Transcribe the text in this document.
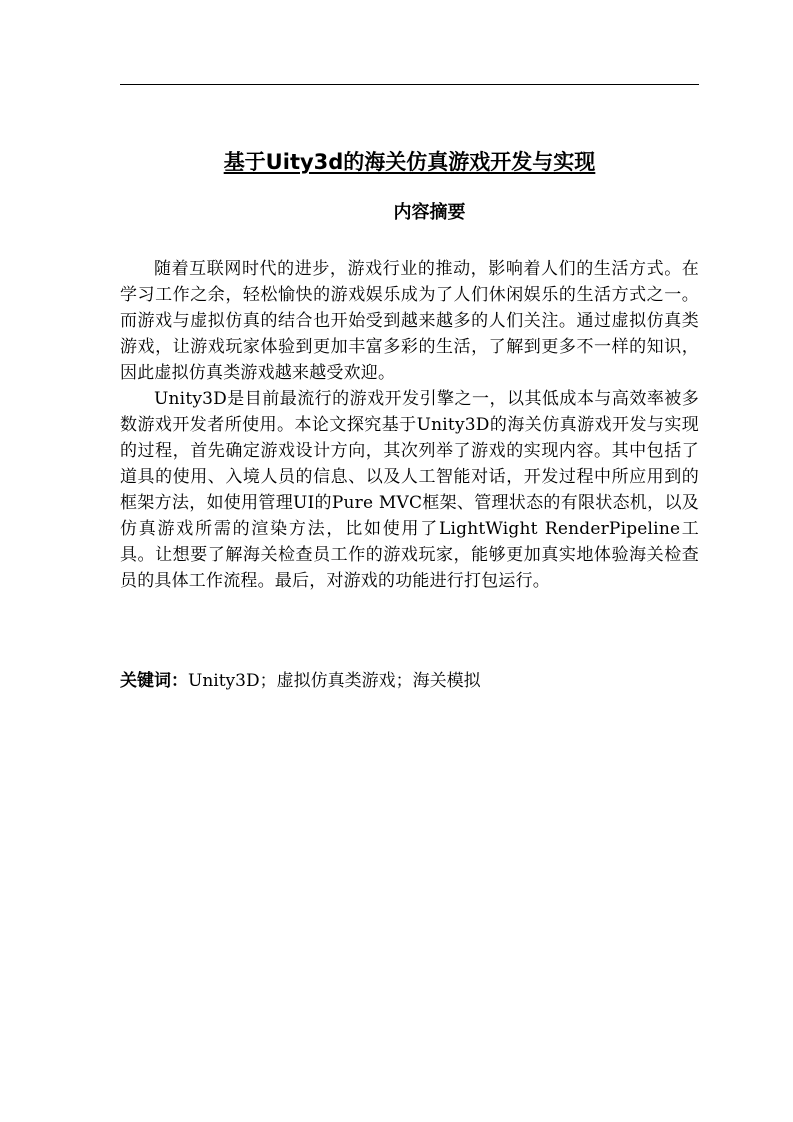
基于Uity3d的海关仿真游戏开发与实现
内容摘要

随着互联网时代的进步，游戏行业的推动，影响着人们的生活方式。在学习工作之余，轻松愉快的游戏娱乐成为了人们休闲娱乐的生活方式之一。而游戏与虚拟仿真的结合也开始受到越来越多的人们关注。通过虚拟仿真类游戏，让游戏玩家体验到更加丰富多彩的生活，了解到更多不一样的知识，因此虚拟仿真类游戏越来越受欢迎。

Unity3D是目前最流行的游戏开发引擎之一，以其低成本与高效率被多数游戏开发者所使用。本论文探究基于Unity3D的海关仿真游戏开发与实现的过程，首先确定游戏设计方向，其次列举了游戏的实现内容。其中包括了道具的使用、入境人员的信息、以及人工智能对话，开发过程中所应用到的框架方法，如使用管理UI的Pure MVC框架、管理状态的有限状态机，以及仿真游戏所需的渲染方法，比如使用了LightWight RenderPipeline工具。让想要了解海关检查员工作的游戏玩家，能够更加真实地体验海关检查员的具体工作流程。最后，对游戏的功能进行打包运行。

关键词：Unity3D；虚拟仿真类游戏；海关模拟
